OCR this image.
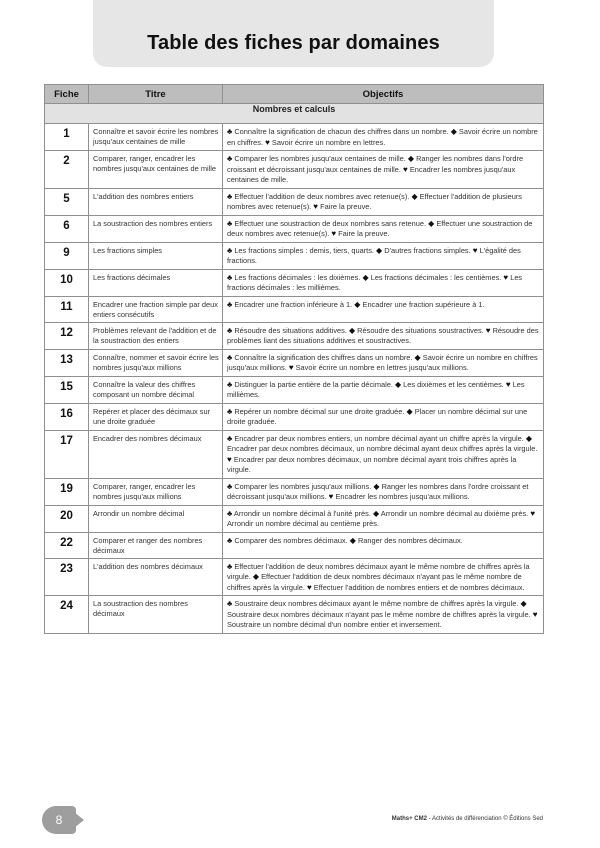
Table des fiches par domaines
Fiche	Titre	Objectifs
Nombres et calculs		
1	Connaître et savoir écrire les nombres jusqu'aux centaines de mille	♣ Connaître la signification de chacun des chiffres dans un nombre. ◆ Savoir écrire un nombre en chiffres. ♥ Savoir écrire un nombre en lettres.
2	Comparer, ranger, encadrer les nombres jusqu'aux centaines de mille	♣ Comparer les nombres jusqu'aux centaines de mille. ◆ Ranger les nombres dans l'ordre croissant et décroissant jusqu'aux centaines de mille. ♥ Encadrer les nombres jusqu'aux centaines de mille.
5	L'addition des nombres entiers	♣ Effectuer l'addition de deux nombres avec retenue(s). ◆ Effectuer l'addition de plusieurs nombres avec retenue(s). ♥ Faire la preuve.
6	La soustraction des nombres entiers	♣ Effectuer une soustraction de deux nombres sans retenue. ◆ Effectuer une soustraction de deux nombres avec retenue(s). ♥ Faire la preuve.
9	Les fractions simples	♣ Les fractions simples : demis, tiers, quarts. ◆ D'autres fractions simples. ♥ L'égalité des fractions.
10	Les fractions décimales	♣ Les fractions décimales : les dixièmes. ◆ Les fractions décimales : les centièmes. ♥ Les fractions décimales : les millièmes.
11	Encadrer une fraction simple par deux entiers consécutifs	♣ Encadrer une fraction inférieure à 1. ◆ Encadrer une fraction supérieure à 1.
12	Problèmes relevant de l'addition et de la soustraction des entiers	♣ Résoudre des situations additives. ◆ Résoudre des situations soustractives. ♥ Résoudre des problèmes liant des situations additives et soustractives.
13	Connaître, nommer et savoir écrire les nombres jusqu'aux millions	♣ Connaître la signification des chiffres dans un nombre. ◆ Savoir écrire un nombre en chiffres jusqu'aux millions. ♥ Savoir écrire un nombre en lettres jusqu'aux millions.
15	Connaître la valeur des chiffres composant un nombre décimal	♣ Distinguer la partie entière de la partie décimale. ◆ Les dixièmes et les centièmes. ♥ Les millièmes.
16	Repérer et placer des décimaux sur une droite graduée	♣ Repérer un nombre décimal sur une droite graduée. ◆ Placer un nombre décimal sur une droite graduée.
17	Encadrer des nombres décimaux	♣ Encadrer par deux nombres entiers, un nombre décimal ayant un chiffre après la virgule. ◆ Encadrer par deux nombres décimaux, un nombre décimal ayant deux chiffres après la virgule. ♥ Encadrer par deux nombres décimaux, un nombre décimal ayant trois chiffres après la virgule.
19	Comparer, ranger, encadrer les nombres jusqu'aux millions	♣ Comparer les nombres jusqu'aux millions. ◆ Ranger les nombres dans l'ordre croissant et décroissant jusqu'aux millions. ♥ Encadrer les nombres jusqu'aux millions.
20	Arrondir un nombre décimal	♣ Arrondir un nombre décimal à l'unité près. ◆ Arrondir un nombre décimal au dixième près. ♥ Arrondir un nombre décimal au centième près.
22	Comparer et ranger des nombres décimaux	♣ Comparer des nombres décimaux. ◆ Ranger des nombres décimaux.
23	L'addition des nombres décimaux	♣ Effectuer l'addition de deux nombres décimaux ayant le même nombre de chiffres après la virgule. ◆ Effectuer l'addition de deux nombres décimaux n'ayant pas le même nombre de chiffres après la virgule. ♥ Effectuer l'addition de nombres entiers et de nombres décimaux.
24	La soustraction des nombres décimaux	♣ Soustraire deux nombres décimaux ayant le même nombre de chiffres après la virgule. ◆ Soustraire deux nombres décimaux n'ayant pas le même nombre de chiffres après la virgule. ♥ Soustraire un nombre décimal d'un nombre entier et inversement.
8	Maths+ CM2 - Activités de différenciation © Éditions Sed
